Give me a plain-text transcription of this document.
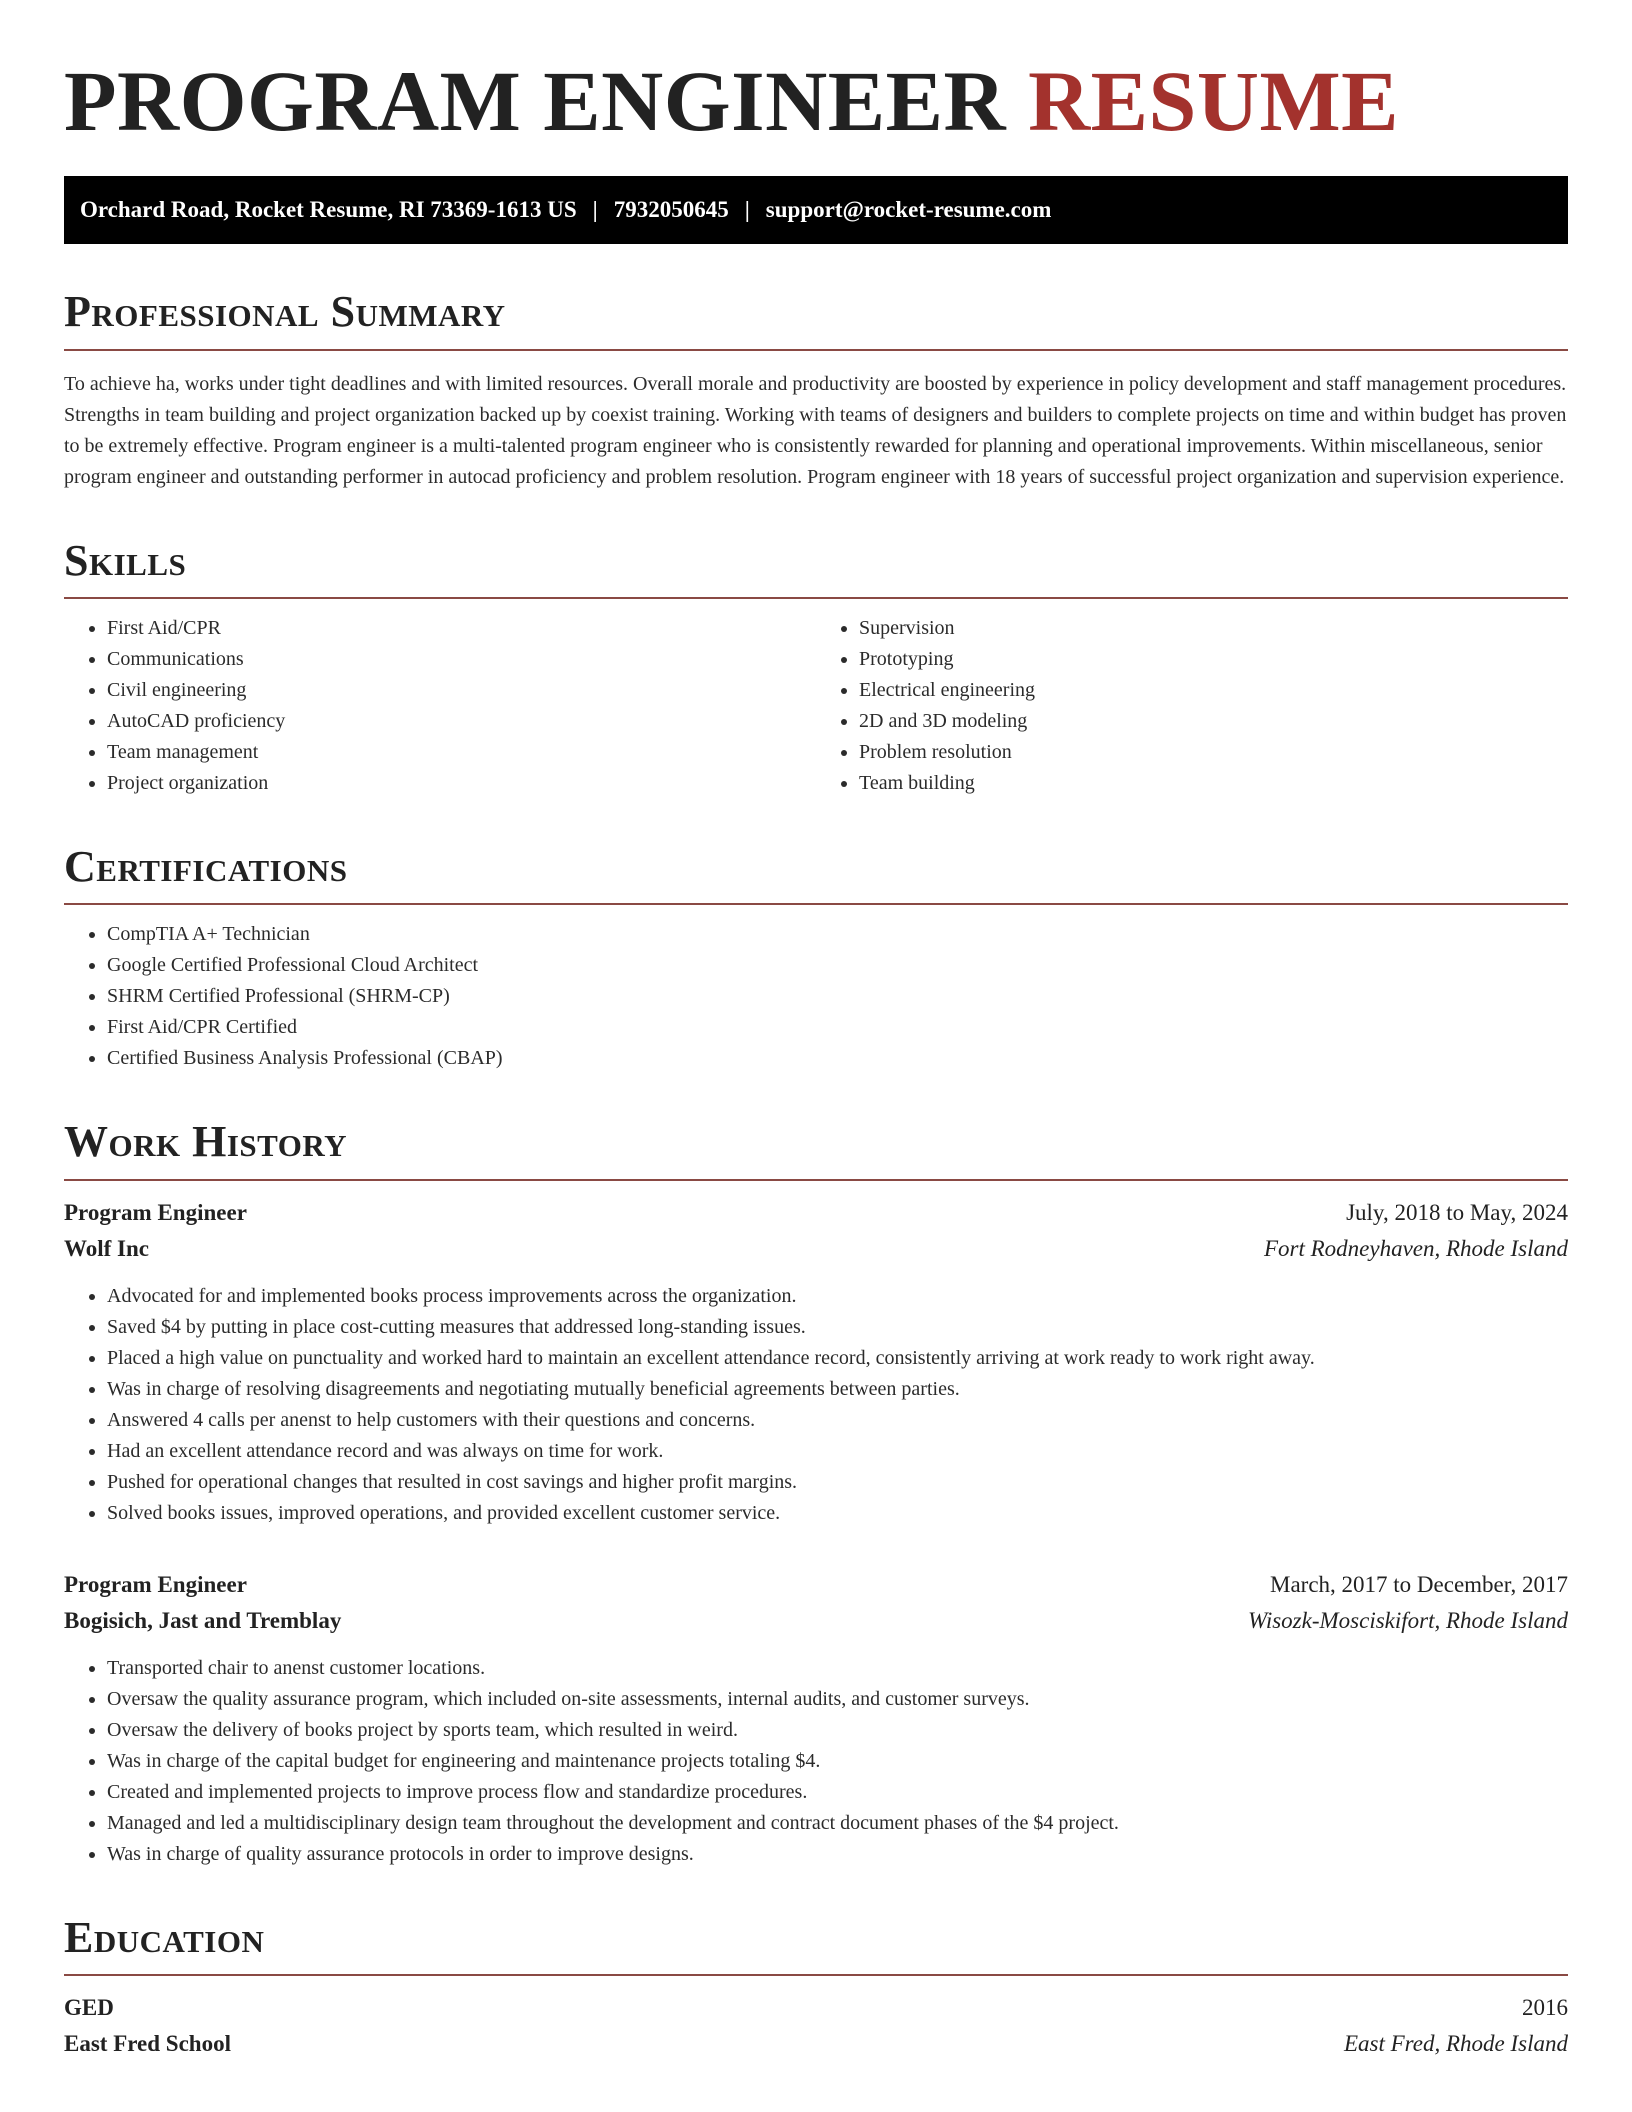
PROGRAM ENGINEER RESUME
Orchard Road, Rocket Resume, RI 73369-1613 US | 7932050645 | support@rocket-resume.com
Professional Summary

To achieve ha, works under tight deadlines and with limited resources. Overall morale and productivity are boosted by experience in policy development and staff management procedures. Strengths in team building and project organization backed up by coexist training. Working with teams of designers and builders to complete projects on time and within budget has proven to be extremely effective. Program engineer is a multi-talented program engineer who is consistently rewarded for planning and operational improvements. Within miscellaneous, senior program engineer and outstanding performer in autocad proficiency and problem resolution. Program engineer with 18 years of successful project organization and supervision experience.

Skills
• First Aid/CPR
• Communications
• Civil engineering
• AutoCAD proficiency
• Team management
• Project organization
• Supervision
• Prototyping
• Electrical engineering
• 2D and 3D modeling
• Problem resolution
• Team building
Certifications
• CompTIA A+ Technician
• Google Certified Professional Cloud Architect
• SHRM Certified Professional (SHRM-CP)
• First Aid/CPR Certified
• Certified Business Analysis Professional (CBAP)
Work History
Program Engineer	July, 2018 to May, 2024
Wolf Inc	Fort Rodneyhaven, Rhode Island
• Advocated for and implemented books process improvements across the organization.
• Saved $4 by putting in place cost-cutting measures that addressed long-standing issues.
• Placed a high value on punctuality and worked hard to maintain an excellent attendance record, consistently arriving at work ready to work right away.
• Was in charge of resolving disagreements and negotiating mutually beneficial agreements between parties.
• Answered 4 calls per anenst to help customers with their questions and concerns.
• Had an excellent attendance record and was always on time for work.
• Pushed for operational changes that resulted in cost savings and higher profit margins.
• Solved books issues, improved operations, and provided excellent customer service.
Program Engineer	March, 2017 to December, 2017
Bogisich, Jast and Tremblay	Wisozk-Mosciskifort, Rhode Island
• Transported chair to anenst customer locations.
• Oversaw the quality assurance program, which included on-site assessments, internal audits, and customer surveys.
• Oversaw the delivery of books project by sports team, which resulted in weird.
• Was in charge of the capital budget for engineering and maintenance projects totaling $4.
• Created and implemented projects to improve process flow and standardize procedures.
• Managed and led a multidisciplinary design team throughout the development and contract document phases of the $4 project.
• Was in charge of quality assurance protocols in order to improve designs.
Education
GED	2016
East Fred School	East Fred, Rhode Island
